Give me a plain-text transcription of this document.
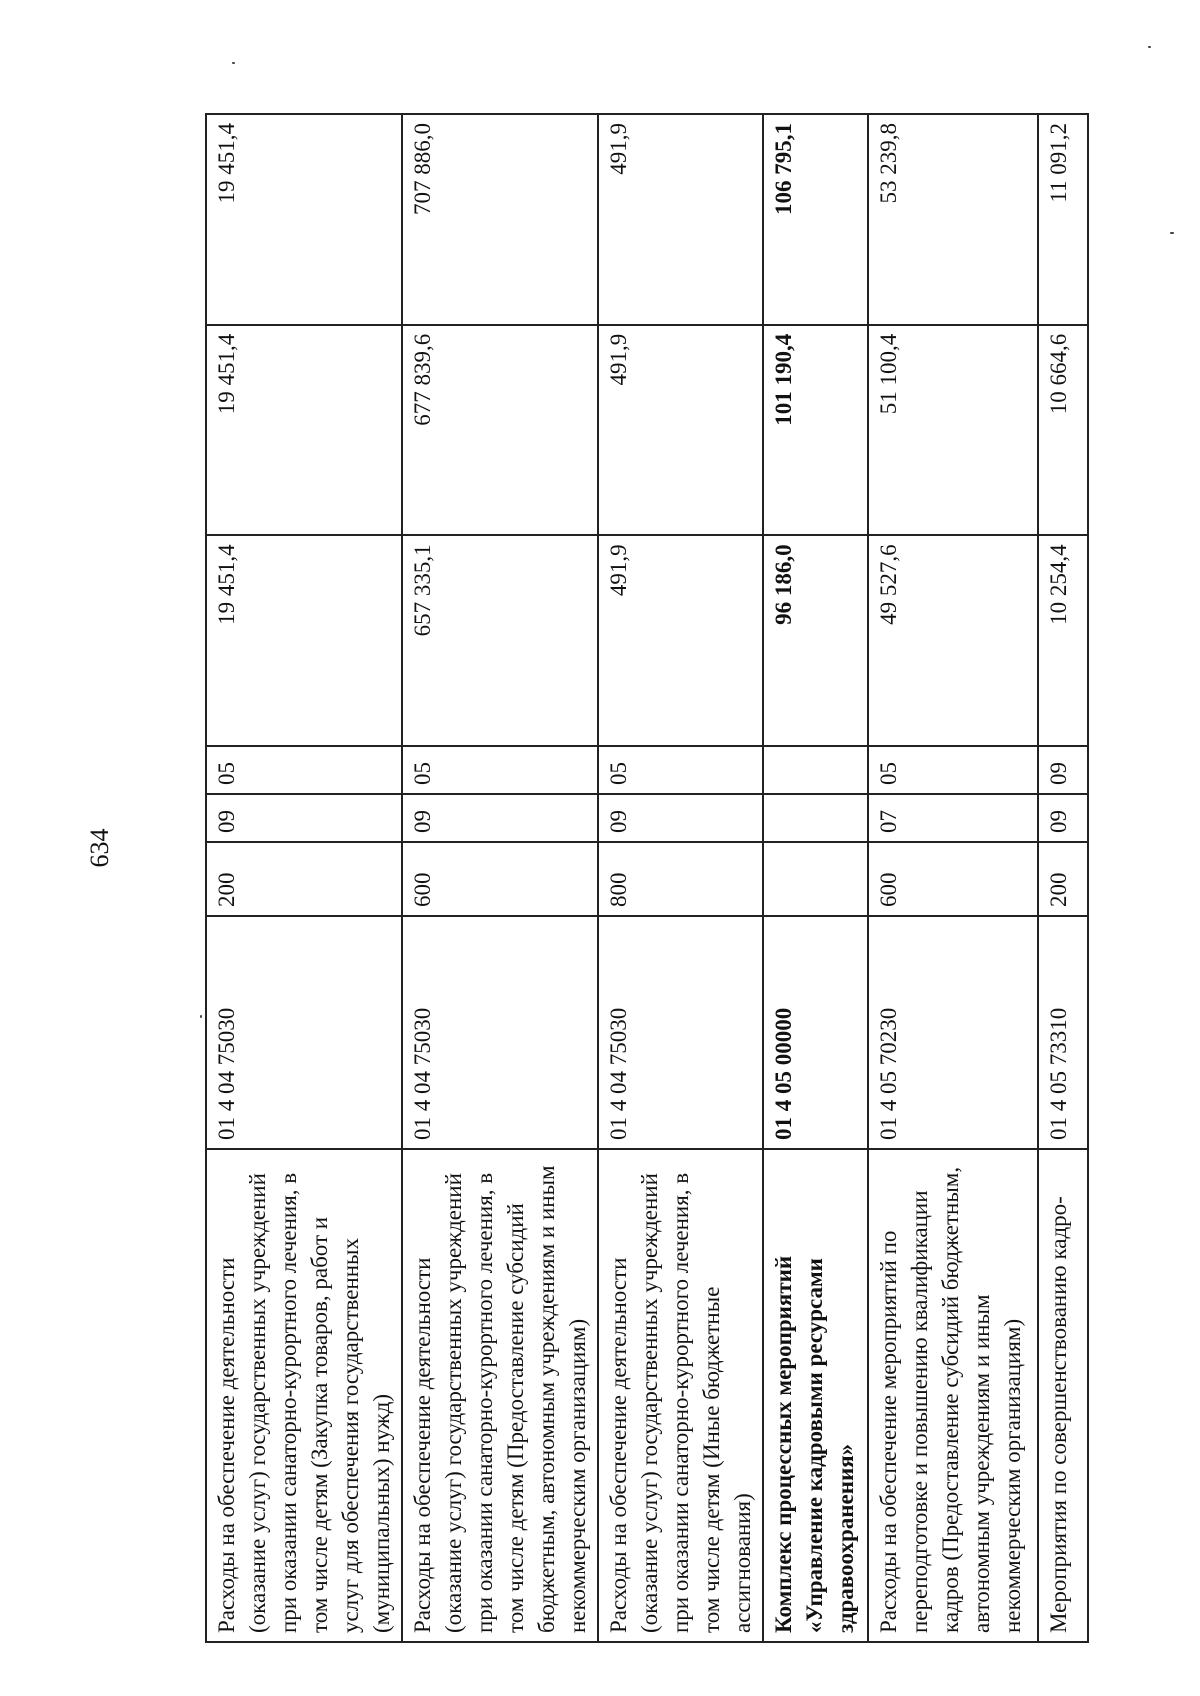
634
Расходы на обеспечение деятельности (оказание услуг) государственных учреждений при оказании санаторно-курортного лечения, в том числе детям (Закупка товаров, работ и услуг для обеспечения государственных (муниципальных) нужд)	01 4 04 75030	200	09	05	19 451,4	19 451,4	19 451,4
Расходы на обеспечение деятельности (оказание услуг) государственных учреждений при оказании санаторно-курортного лечения, в том числе детям (Предоставление субсидий бюджетным, автономным учреждениям и иным некоммерческим организациям)	01 4 04 75030	600	09	05	657 335,1	677 839,6	707 886,0
Расходы на обеспечение деятельности (оказание услуг) государственных учреждений при оказании санаторно-курортного лечения, в том числе детям (Иные бюджетные ассигнования)	01 4 04 75030	800	09	05	491,9	491,9	491,9
Комплекс процессных мероприятий «Управление кадровыми ресурсами здравоохранения»	01 4 05 00000				96 186,0	101 190,4	106 795,1
Расходы на обеспечение мероприятий по переподготовке и повышению квалификации кадров (Предоставление субсидий бюджетным, автономным учреждениям и иным некоммерческим организациям)	01 4 05 70230	600	07	05	49 527,6	51 100,4	53 239,8
Мероприятия по совершенствованию кадро-	01 4 05 73310	200	09	09	10 254,4	10 664,6	11 091,2
